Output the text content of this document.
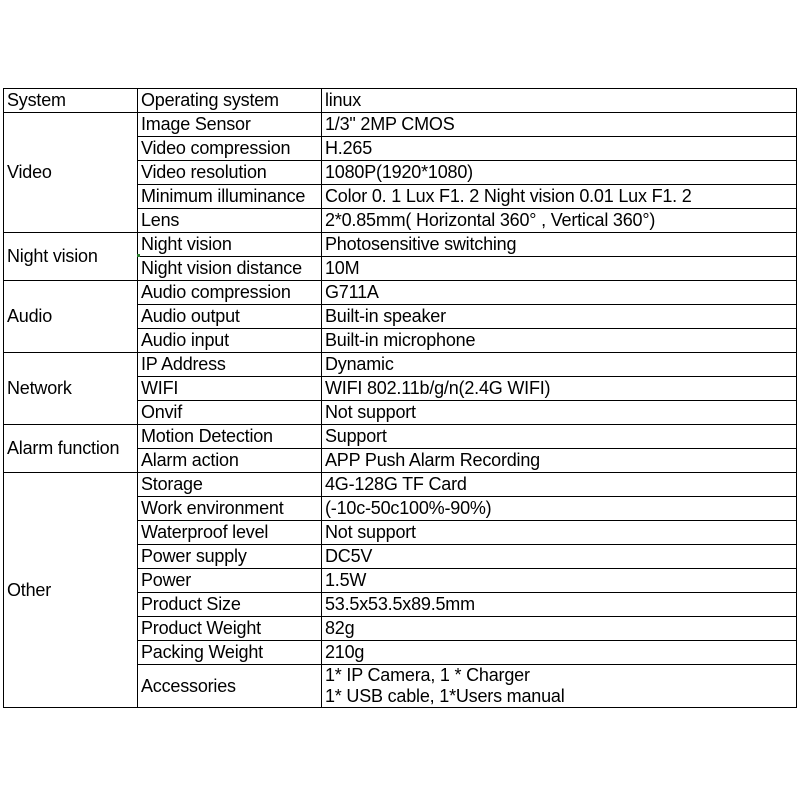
System	Operating system	linux
Video	Image Sensor	1/3" 2MP CMOS
	Video compression	H.265
	Video resolution	1080P(1920*1080)
	Minimum illuminance	Color 0. 1 Lux F1. 2 Night vision 0.01 Lux F1. 2
	Lens	2*0.85mm( Horizontal 360° , Vertical 360°)
Night vision	Night vision	Photosensitive switching
	Night vision distance	10M
Audio	Audio compression	G711A
	Audio output	Built-in speaker
	Audio input	Built-in microphone
Network	IP Address	Dynamic
	WIFI	WIFI 802.11b/g/n(2.4G WIFI)
	Onvif	Not support
Alarm function	Motion Detection	Support
	Alarm action	APP Push Alarm Recording
Other	Storage	4G-128G TF Card
	Work environment	(-10c-50c100%-90%)
	Waterproof level	Not support
	Power supply	DC5V
	Power	1.5W
	Product Size	53.5x53.5x89.5mm
	Product Weight	82g
	Packing Weight	210g
	Accessories	1* IP Camera, 1 * Charger
1* USB cable, 1*Users manual
